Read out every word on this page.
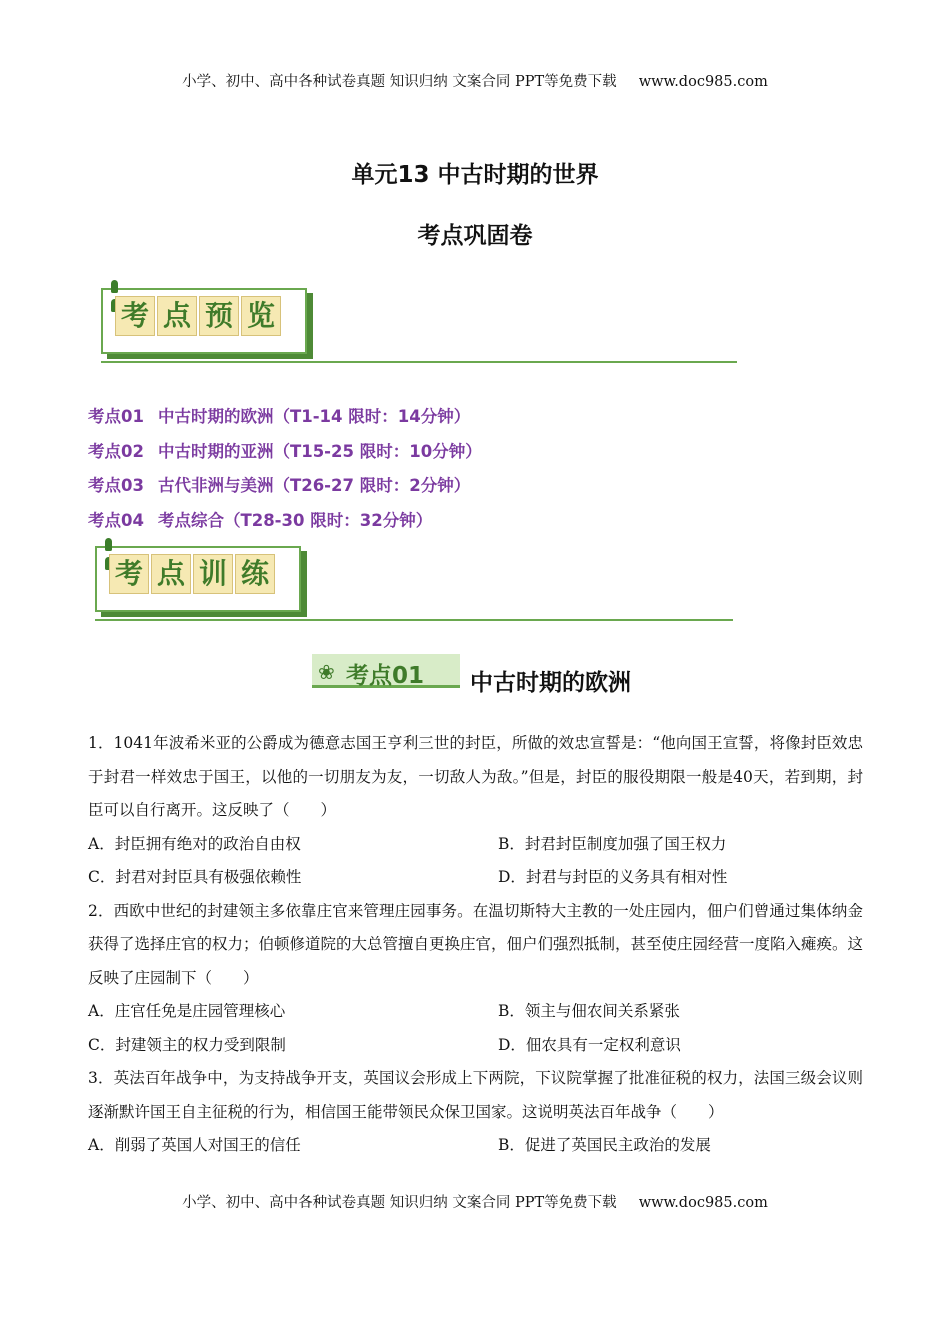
小学、初中、高中各种试卷真题 知识归纳 文案合同 PPT等免费下载 www.doc985.com
单元13 中古时期的世界
考点巩固卷
考 点 预 览
考点01 中古时期的欧洲（T1-14 限时：14分钟）
考点02 中古时期的亚洲（T15-25 限时：10分钟）
考点03 古代非洲与美洲（T26-27 限时：2分钟）
考点04 考点综合（T28-30 限时：32分钟）
考 点 训 练
❀ 考点01 中古时期的欧洲
1．1041年波希米亚的公爵成为德意志国王亨利三世的封臣，所做的效忠宣誓是：“他向国王宣誓，将像封臣效忠于封君一样效忠于国王，以他的一切朋友为友，一切敌人为敌。”但是，封臣的服役期限一般是40天，若到期，封臣可以自行离开。这反映了（　　）
A．封臣拥有绝对的政治自由权	B．封君封臣制度加强了国王权力
C．封君对封臣具有极强依赖性	D．封君与封臣的义务具有相对性
2．西欧中世纪的封建领主多依靠庄官来管理庄园事务。在温切斯特大主教的一处庄园内，佃户们曾通过集体纳金获得了选择庄官的权力；伯顿修道院的大总管擅自更换庄官，佃户们强烈抵制，甚至使庄园经营一度陷入瘫痪。这反映了庄园制下（　　）
A．庄官任免是庄园管理核心	B．领主与佃农间关系紧张
C．封建领主的权力受到限制	D．佃农具有一定权利意识
3．英法百年战争中，为支持战争开支，英国议会形成上下两院，下议院掌握了批准征税的权力，法国三级会议则逐渐默许国王自主征税的行为，相信国王能带领民众保卫国家。这说明英法百年战争（　　）
A．削弱了英国人对国王的信任	B．促进了英国民主政治的发展
小学、初中、高中各种试卷真题 知识归纳 文案合同 PPT等免费下载 www.doc985.com
